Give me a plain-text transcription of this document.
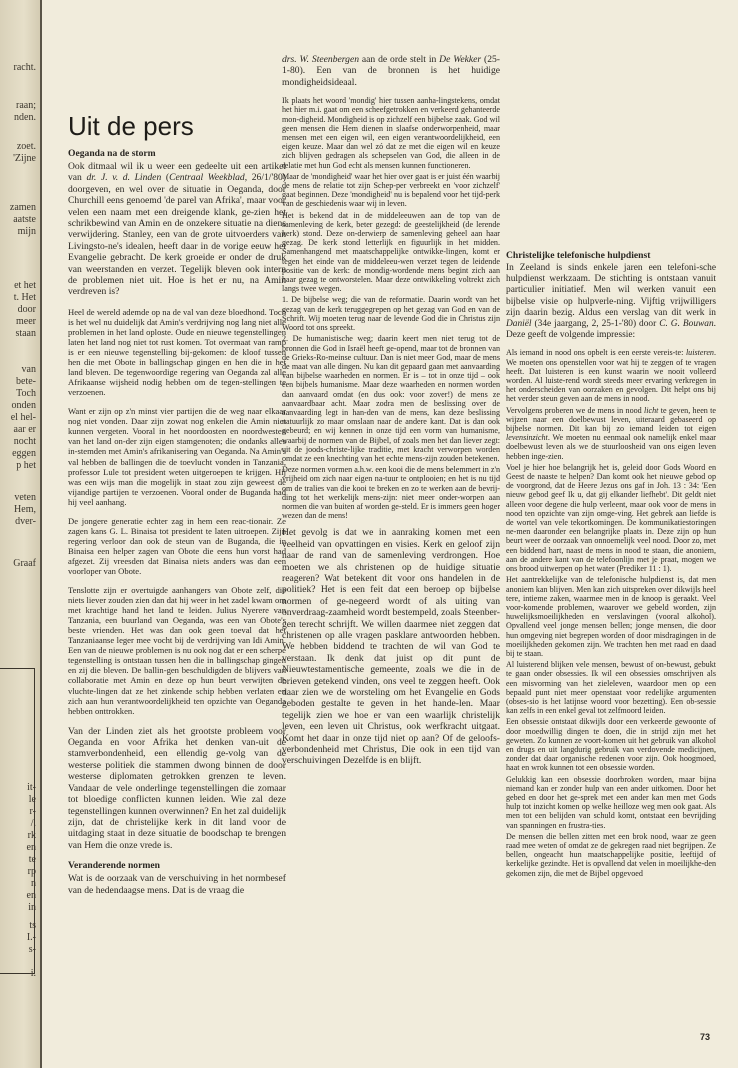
racht.
raan;
nden.
zoet.
'Zijne
zamen
aatste
mijn
et het
t. Het
door
meer
staan
van
bete-
Toch
onden
el hel-
aar er
nocht
eggen
p het
veten
Hem,
dver-
Graaf
it-
le
r-
/.
rk
en
te
rp
n
en
in
ts
I.-
s-
i.
Uit de pers
Oeganda na de storm

Ook ditmaal wil ik u weer een gedeelte uit een artikel van dr. J. v. d. Linden (Centraal Weekblad, 26/1/'80) doorgeven, en wel over de situatie in Oeganda, door Churchill eens genoemd 'de parel van Afrika', maar voor velen een naam met een dreigende klank, ge-zien het schrikbewind van Amin en de onzekere situatie na diens verwijdering. Stanley, een van de grote uitvoerders van Livingsto-ne's idealen, heeft daar in de vorige eeuw het Evangelie gebracht. De kerk groeide er onder de druk van weerstanden en verzet. Tegelijk bleven ook intern de problemen niet uit. Hoe is het er nu, na Amin verdreven is?

Heel de wereld ademde op na de val van deze bloedhond. Toch is het wel nu duidelijk dat Amin's verdrijving nog lang niet alle problemen in het land oploste. Oude en nieuwe tegenstellingen laten het land nog niet tot rust komen. Tot overmaat van ramp is er een nieuwe tegenstelling bij-gekomen: de kloof tussen hen die met Obote in ballingschap gingen en hen die in het land bleven. De tegenwoordige regering van Oeganda zal alle Afrikaanse wijsheid nodig hebben om de tegen-stellingen te verzoenen.

Want er zijn op z'n minst vier partijen die de weg naar elkaar nog niet vonden. Daar zijn zowat nog enkelen die Amin niet kunnen vergeten. Vooral in het noordoosten en noordwesten van het land on-der zijn eigen stamgenoten; die ondanks alles in-stemden met Amin's afrikanisering van Oeganda. Na Amin's val hebben de ballingen die de toevlucht vonden in Tanzania, professor Lule tot president weten uitgeroepen te krijgen. Hij was een wijs man die mogelijk in staat zou zijn geweest de vijandige partijen te verzoenen. Vooral onder de Buganda had hij veel aanhang.

De jongere generatie echter zag in hem een reac-tionair. Ze zagen kans G. L. Binaisa tot president te laten uitroepen. Zijn regering verloor dan ook de steun van de Buganda, die in Binaisa een helper zagen van Obote die eens hun vorst had afgezet. Zij vreesden dat Binaisa niets anders was dan een voorloper van Obote.

Tenslotte zijn er overtuigde aanhangers van Obote zelf, die niets liever zouden zien dan dat hij weer in het zadel kwam om met krachtige hand het land te leiden. Julius Nyerere van Tanzania, een buurland van Oeganda, was een van Obote's beste vrienden. Het was dan ook geen toeval dat het Tanzaniaanse leger mee vocht bij de verdrijving van Idi Amin. Een van de nieuwe problemen is nu ook nog dat er een scherpe tegenstelling is ontstaan tussen hen die in ballingschap gingen en zij die bleven. De ballin-gen beschuldigden de blijvers van collaboratie met Amin en deze op hun beurt verwijten de vluchte-lingen dat ze het zinkende schip hebben verlaten en zich aan hun verantwoordelijkheid ten opzichte van Oeganda hebben onttrokken.

Van der Linden ziet als het grootste probleem voor Oeganda en voor Afrika het denken van-uit de stamverbondenheid, een ellendig ge-volg van de westerse politiek die stammen dwong binnen de door westerse diplomaten getrokken grenzen te leven. Vandaar de vele onderlinge tegenstellingen die zomaar tot bloedige conflicten kunnen leiden. Wie zal deze tegenstellingen kunnen overwinnen? En het zal duidelijk zijn, dat de christelijke kerk in dit land voor de uitdaging staat in deze situatie de boodschap te brengen van Hem die onze vrede is.

Veranderende normen

Wat is de oorzaak van de verschuiving in het normbesef van de hedendaagse mens. Dat is de vraag die

drs. W. Steenbergen aan de orde stelt in De Wekker (25-1-80). Een van de bronnen is het huidige mondigheidsideaal.

Ik plaats het woord 'mondig' hier tussen aanha-lingstekens, omdat het hier m.i. gaat om een scheefgetrokken en verkeerd gehanteerde mon-digheid. Mondigheid is op zichzelf een bijbelse zaak. God wil geen mensen die Hem dienen in slaafse onderworpenheid, maar mensen met een eigen wil, een eigen verantwoordelijkheid, een eigen keuze. Maar dan wel zó dat ze met die eigen wil en keuze zich blijven gedragen als schepselen van God, die alleen in de relatie met hun God echt als mensen kunnen functioneren.

Maar de 'mondigheid' waar het hier over gaat is er juist één waarbij de mens de relatie tot zijn Schep-per verbreekt en 'voor zichzelf' gaat beginnen. Deze 'mondigheid' nu is bepalend voor het tijd-perk van de geschiedenis waar wij in leven.

Het is bekend dat in de middeleeuwen aan de top van de samenleving de kerk, beter gezegd: de geestelijkheid (de lerende kerk) stond. Deze on-derwierp de samenleving geheel aan haar gezag. De kerk stond letterlijk en figuurlijk in het midden. Samenhangend met maatschappelijke ontwikke-lingen, komt er tegen het einde van de middeleeu-wen verzet tegen de leidende positie van de kerk: de mondig-wordende mens begint zich aan haar gezag te ontworstelen. Maar deze ontwikkeling voltrekt zich langs twee wegen.

1. De bijbelse weg; die van de reformatie. Daarin wordt van het gezag van de kerk teruggegrepen op het gezag van God en van de Schrift. Wij moeten terug naar de levende God die in Christus zijn Woord tot ons spreekt.

2. De humanistische weg; daarin keert men niet terug tot de bronnen die God in Israël heeft ge-opend, maar tot de bronnen van de Grieks-Ro-meinse cultuur. Dan is niet meer God, maar de mens de maat van alle dingen. Nu kan dit gepaard gaan met aanvaarding van bijbelse waarheden en normen. Er is – tot in onze tijd – ook een bijbels humanisme. Maar deze waarheden en normen worden dan aanvaard omdat (en dus ook: voor zover!) de mens ze aanvaardbaar acht. Maar zodra men de beslissing over de aanvaarding legt in han-den van de mens, kan deze beslissing natuurlijk zo maar omslaan naar de andere kant. Dat is dan ook gebeurd; en wij kennen in onze tijd een vorm van humanisme, waarbij de normen van de Bijbel, of zoals men het dan liever zegt: uit de joods-christe-lijke traditie, met kracht verworpen worden omdat ze een knechting van het echte mens-zijn zouden betekenen.

Deze normen vormen a.h.w. een kooi die de mens belemmert in z'n vrijheid om zich naar eigen na-tuur te ontplooien; en het is nu tijd om de tralies van die kooi te breken en zo te werken aan de bevrij-ding tot het werkelijk mens-zijn: niet meer onder-worpen aan normen die van buiten af worden ge-steld. Er is immers geen hoger wezen dan de mens!

Het gevolg is dat we in aanraking komen met een veelheid van opvattingen en visies. Kerk en geloof zijn naar de rand van de samenleving verdrongen. Hoe moeten we als christenen op de huidige situatie reageren? Wat betekent dit voor ons handelen in de politiek? Het is een feit dat een beroep op bijbelse normen of ge-negeerd wordt of als uiting van onverdraag-zaamheid wordt bestempeld, zoals Steenber-gen terecht schrijft. We willen daarmee niet zeggen dat christenen op alle vragen pasklare antwoorden hebben. We hebben biddend te trachten de wil van God te verstaan. Ik denk dat juist op dit punt de Nieuwtestamentische gemeente, zoals we die in de brieven getekend vinden, ons veel te zeggen heeft. Ook daar zien we de worsteling om het Evangelie en Gods geboden gestalte te geven in het hande-len. Maar tegelijk zien we hoe er van een waarlijk christelijk leven, een leven uit Christus, ook werfkracht uitgaat. Komt het daar in onze tijd niet op aan? Of de geloofs-verbondenheid met Christus, Die ook in een tijd van verschuivingen Dezelfde is en blijft.

Christelijke telefonische hulpdienst

In Zeeland is sinds enkele jaren een telefoni-sche hulpdienst werkzaam. De stichting is ontstaan vanuit particulier initiatief. Men wil werken vanuit een bijbelse visie op hulpverle-ning. Vijftig vrijwilligers zijn daarin bezig. Aldus een verslag van dit werk in Daniël (34e jaargang, 2, 25-1-'80) door C. G. Bouwan. Deze geeft de volgende impressie:

Als iemand in nood ons opbelt is een eerste vereis-te: luisteren. We moeten ons openstellen voor wat hij te zeggen of te vragen heeft. Dat luisteren is een kunst waarin we nooit volleerd worden. Al luiste-rend wordt steeds meer ervaring verkregen in het onderscheiden van oorzaken en gevolgen. Dit helpt ons bij het verder steun geven aan de mens in nood.

Vervolgens proberen we de mens in nood licht te geven, heen te wijzen naar een doelbewust leven, uiteraard gebaseerd op bijbelse normen. Dit kan bij zo iemand leiden tot eigen levensinzicht. We moeten nu eenmaal ook namelijk enkel maar doelbewust leven als we de stuurloosheid van ons eigen leven hebben inge-zien.

Voel je hier hoe belangrijk het is, geleid door Gods Woord en Geest de naaste te helpen? Dan komt ook het nieuwe gebod op de voorgrond, dat de Heere Jezus ons gaf in Joh. 13 : 34: 'Een nieuw gebod geef Ik u, dat gij elkander liefhebt'. Dit geldt niet alleen voor degene die hulp verleent, maar ook voor de mens in nood ten opzichte van zijn omge-ving. Het gebrek aan liefde is de wortel van vele tekortkomingen. De kommunikatiestoringen ne-men daaronder een belangrijke plaats in. Deze zijn op hun beurt weer de oorzaak van onnoemelijk veel nood. Door zo, met een biddend hart, naast de mens in nood te staan, die anoniem, aan de andere kant van de telefoonlijn met je praat, mogen we ons brood uitwerpen op het water (Prediker 11 : 1).

Het aantrekkelijke van de telefonische hulpdienst is, dat men anoniem kan blijven. Men kan zich uitspreken over dikwijls heel tere, intieme zaken, waarmee men in de knoop is geraakt. Veel voor-komende problemen, waarover we gebeld worden, zijn huwelijksmoeilijkheden en verslavingen (vooral alkohol). Opvallend veel jonge mensen bellen; jonge mensen, die door hun omgeving niet begrepen worden of door misdragingen in de moeilijkheden gekomen zijn. We trachten hen met raad en daad bij te staan.

Al luisterend blijken vele mensen, bewust of on-bewust, gebukt te gaan onder obsessies. Ik wil een obsessies omschrijven als een misvorming van het zieleleven, waardoor men op een bepaald punt niet meer openstaat voor redelijke argumenten (obses-sio is het latijnse woord voor bezetting). Een ob-sessie kan zelfs in een enkel geval tot zelfmoord leiden.

Een obsessie ontstaat dikwijls door een verkeerde gewoonte of door moedwillig dingen te doen, die in strijd zijn met het geweten. Zo kunnen ze voort-komen uit het gebruik van alkohol en drugs en uit langdurig gebruik van verdovende medicijnen, zonder dat daar organische redenen voor zijn. Ook hoogmoed, haat en wrok kunnen tot een obsessie worden.

Gelukkig kan een obsessie doorbroken worden, maar bijna niemand kan er zonder hulp van een ander uitkomen. Door het gebed en door het ge-sprek met een ander kan men met Gods hulp tot inzicht komen op welke heilloze weg men ook gaat. Als men tot een belijden van schuld komt, ontstaat een bevrijding van spanningen en frustra-ties.

De mensen die bellen zitten met een brok nood, waar ze geen raad mee weten of omdat ze de gekregen raad niet begrijpen. Ze bellen, ongeacht hun maatschappelijke positie, leeftijd of kerkelijke gezindte. Het is opvallend dat velen in moeilijkhe-den gekomen zijn, die met de Bijbel opgevoed

73
